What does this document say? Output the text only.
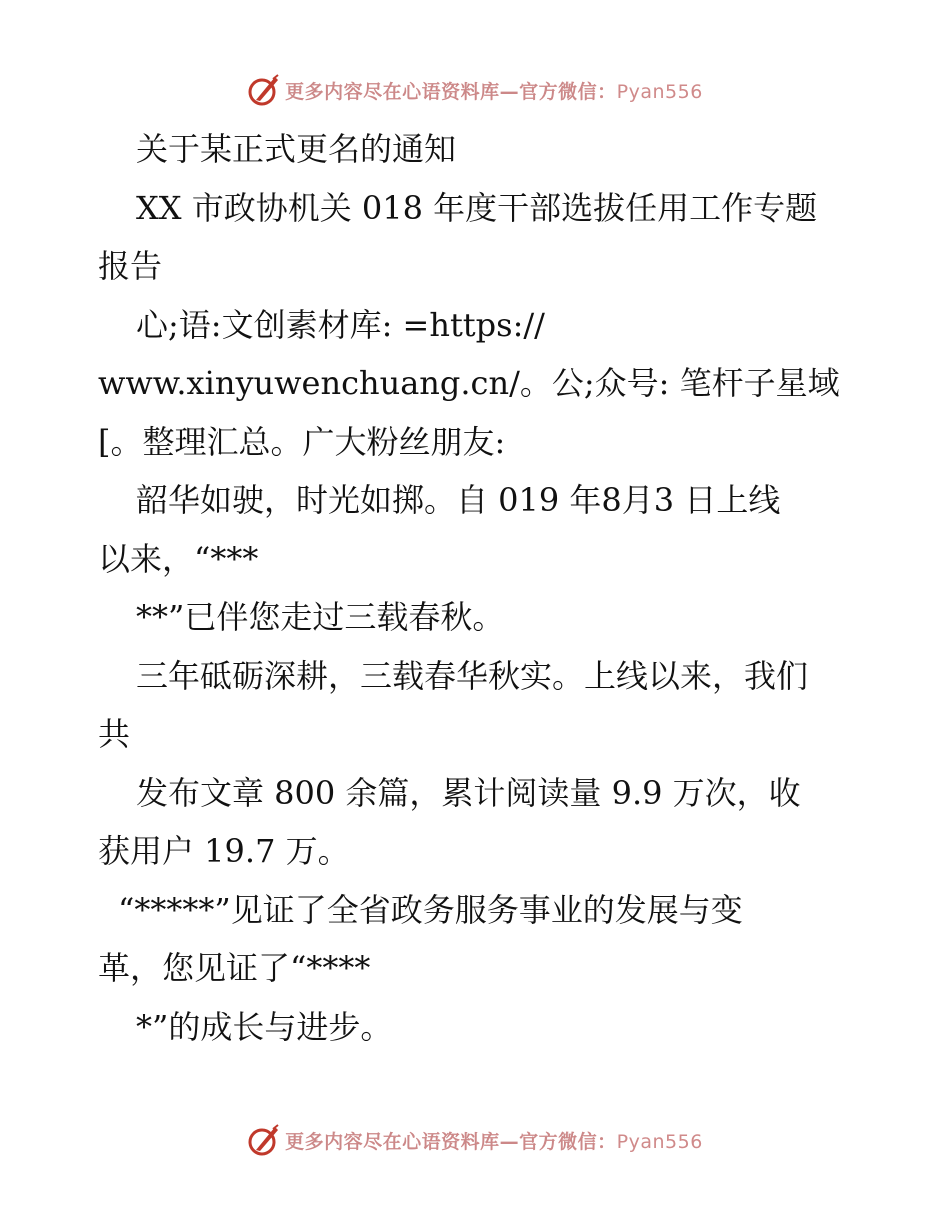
更多内容尽在心语资料库—官方微信：Pyan556
关于某正式更名的通知
XX 市政协机关 018 年度干部选拔任用工作专题
报告
心;语:文创素材库: =https://
www.xinyuwenchuang.cn/。公;众号: 笔杆子星域
[。整理汇总。广大粉丝朋友:
韶华如驶，时光如掷。自 019 年8月3 日上线
以来，“***
**”已伴您走过三载春秋。
三年砥砺深耕，三载春华秋实。上线以来，我们
共
发布文章 800 余篇，累计阅读量 9.9 万次，收
获用户 19.7 万。
“*****”见证了全省政务服务事业的发展与变
革，您见证了“****
*”的成长与进步。
更多内容尽在心语资料库—官方微信：Pyan556
